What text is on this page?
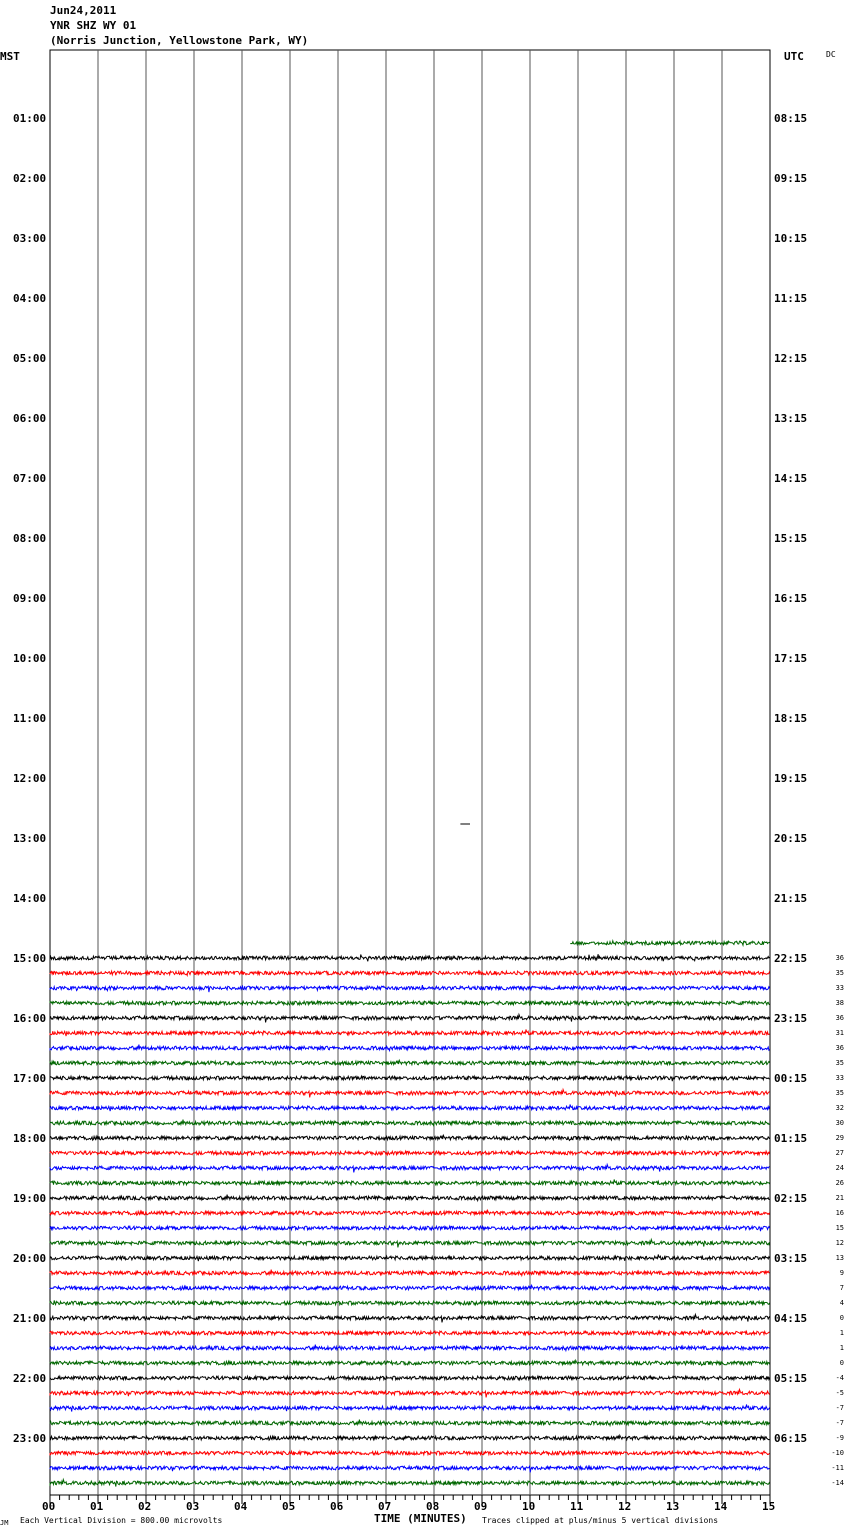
Jun24,2011
YNR SHZ WY 01
(Norris Junction, Yellowstone Park, WY)
MST	UTC	DC
01:00
02:00
03:00
04:00
05:00
06:00
07:00
08:00
09:00
10:00
11:00
12:00
13:00
14:00
15:00
16:00
17:00
18:00
19:00
20:00
21:00
22:00
23:00
08:15
09:15
10:15
11:15
12:15
13:15
14:15
15:15
16:15
17:15
18:15
19:15
20:15
21:15
22:15
23:15
00:15
01:15
02:15
03:15
04:15
05:15
06:15
36
35
33
38
36
31
36
35
33
35
32
30
29
27
24
26
21
16
15
12
13
9
7
4
0
1
1
0
-4
-5
-7
-7
-9
-10
-11
-14
00	01	02	03	04	05	06	07	08	09	10	11	12	13	14	15
JM Each Vertical Division = 800.00 microvolts	TIME (MINUTES) Traces clipped at plus/minus 5 vertical divisions
